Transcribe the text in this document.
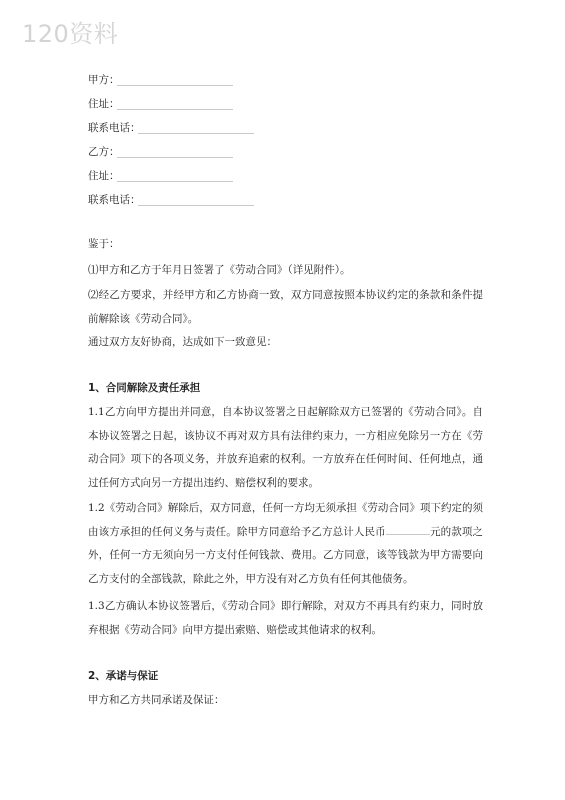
120资料
甲方：
住址：
联系电话：
乙方：
住址：
联系电话：
鉴于：
⑴甲方和乙方于年月日签署了《劳动合同》（详见附件）。
⑵经乙方要求，并经甲方和乙方协商一致，双方同意按照本协议约定的条款和条件提前解除该《劳动合同》。
通过双方友好协商，达成如下一致意见：
1、合同解除及责任承担
1.1乙方向甲方提出并同意，自本协议签署之日起解除双方已签署的《劳动合同》。自本协议签署之日起，该协议不再对双方具有法律约束力，一方相应免除另一方在《劳动合同》项下的各项义务，并放弃追索的权利。一方放弃在任何时间、任何地点，通过任何方式向另一方提出违约、赔偿权利的要求。
1.2《劳动合同》解除后，双方同意，任何一方均无须承担《劳动合同》项下约定的须由该方承担的任何义务与责任。除甲方同意给予乙方总计人民币	元的款项之外，任何一方无须向另一方支付任何钱款、费用。乙方同意，该等钱款为甲方需要向乙方支付的全部钱款，除此之外，甲方没有对乙方负有任何其他债务。
1.3乙方确认本协议签署后，《劳动合同》即行解除，对双方不再具有约束力，同时放弃根据《劳动合同》向甲方提出索赔、赔偿或其他请求的权利。
2、承诺与保证
甲方和乙方共同承诺及保证：
